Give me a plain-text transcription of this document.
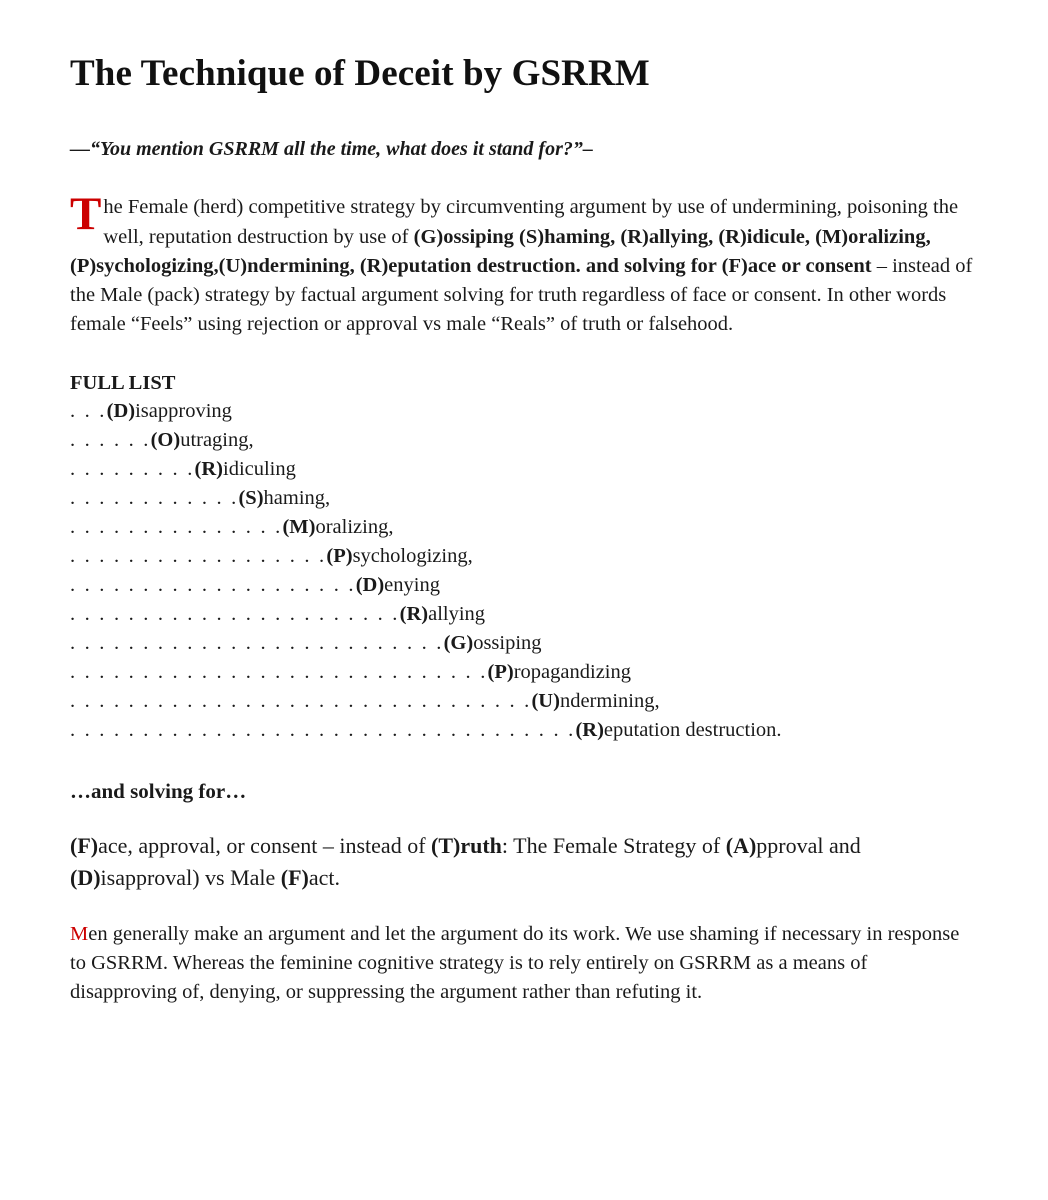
The Technique of Deceit by GSRRM
—“You mention GSRRM all the time, what does it stand for?”–
The Female (herd) competitive strategy by circumventing argument by use of undermining, poisoning the well, reputation destruction by use of (G)ossiping (S)haming, (R)allying, (R)idicule, (M)oralizing, (P)sychologizing,(U)ndermining, (R)eputation destruction. and solving for (F)ace or consent – instead of the Male (pack) strategy by factual argument solving for truth regardless of face or consent. In other words female “Feels” using rejection or approval vs male “Reals” of truth or falsehood.
FULL LIST
. . .(D)isapproving
. . . . . .(O)utraging,
. . . . . . . . .(R)idiculing
. . . . . . . . . . . .(S)haming,
. . . . . . . . . . . . . . .(M)oralizing,
. . . . . . . . . . . . . . . . . .(P)sychologizing,
. . . . . . . . . . . . . . . . . . . .(D)enying
. . . . . . . . . . . . . . . . . . . . . . .(R)allying
. . . . . . . . . . . . . . . . . . . . . . . . . .(G)ossiping
. . . . . . . . . . . . . . . . . . . . . . . . . . . . .(P)ropagandizing
. . . . . . . . . . . . . . . . . . . . . . . . . . . . . . . .(U)ndermining,
. . . . . . . . . . . . . . . . . . . . . . . . . . . . . . . . . . .(R)eputation destruction.
…and solving for…
(F)ace, approval, or consent – instead of (T)ruth: The Female Strategy of (A)pproval and (D)isapproval) vs Male (F)act.
Men generally make an argument and let the argument do its work. We use shaming if necessary in response to GSRRM. Whereas the feminine cognitive strategy is to rely entirely on GSRRM as a means of disapproving of, denying, or suppressing the argument rather than refuting it.
